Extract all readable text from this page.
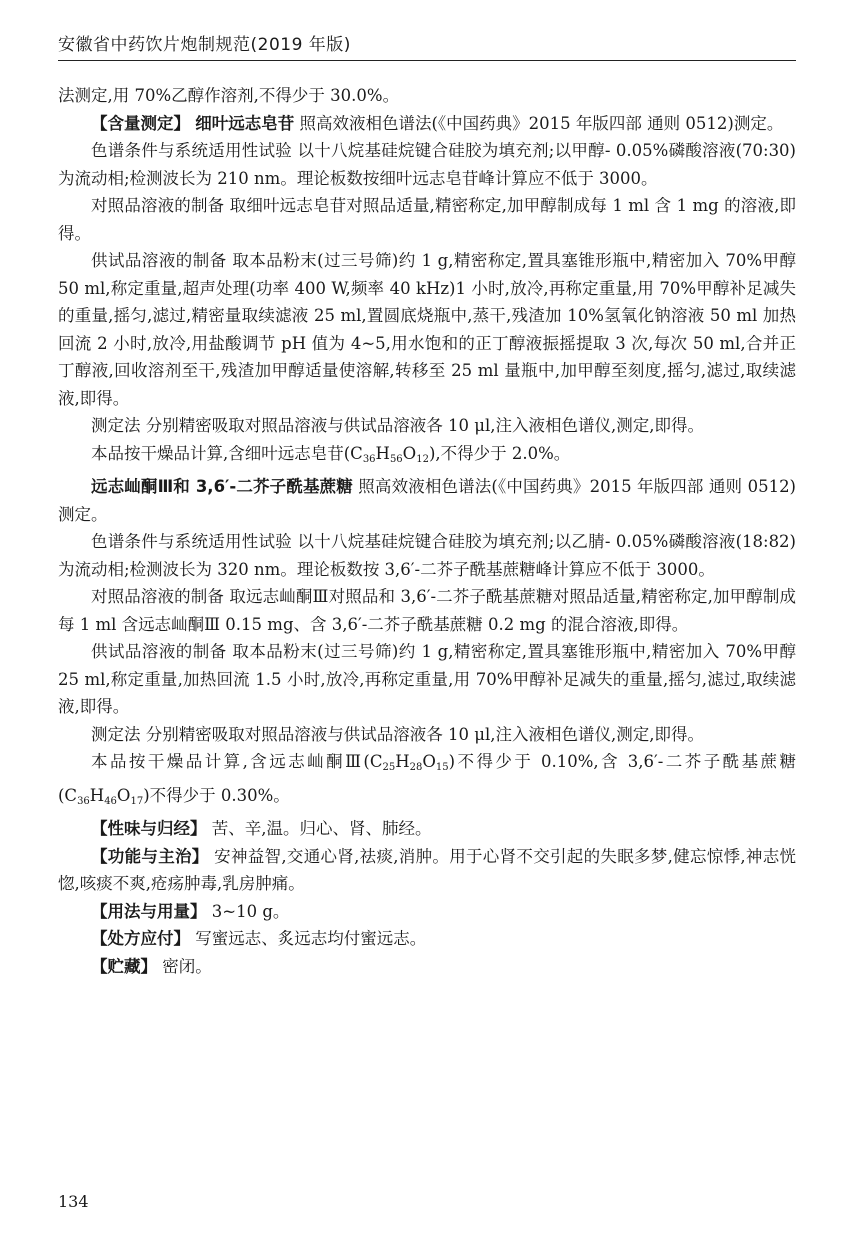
安徽省中药饮片炮制规范(2019 年版)

法测定,用 70%乙醇作溶剂,不得少于 30.0%。

【含量测定】 细叶远志皂苷 照高效液相色谱法(《中国药典》2015 年版四部 通则 0512)测定。

色谱条件与系统适用性试验 以十八烷基硅烷键合硅胶为填充剂;以甲醇- 0.05%磷酸溶液(70:30)为流动相;检测波长为 210 nm。理论板数按细叶远志皂苷峰计算应不低于 3000。

对照品溶液的制备 取细叶远志皂苷对照品适量,精密称定,加甲醇制成每 1 ml 含 1 mg 的溶液,即得。

供试品溶液的制备 取本品粉末(过三号筛)约 1 g,精密称定,置具塞锥形瓶中,精密加入 70%甲醇 50 ml,称定重量,超声处理(功率 400 W,频率 40 kHz)1 小时,放冷,再称定重量,用 70%甲醇补足减失的重量,摇匀,滤过,精密量取续滤液 25 ml,置圆底烧瓶中,蒸干,残渣加 10%氢氧化钠溶液 50 ml 加热回流 2 小时,放冷,用盐酸调节 pH 值为 4~5,用水饱和的正丁醇液振摇提取 3 次,每次 50 ml,合并正丁醇液,回收溶剂至干,残渣加甲醇适量使溶解,转移至 25 ml 量瓶中,加甲醇至刻度,摇匀,滤过,取续滤液,即得。

测定法 分别精密吸取对照品溶液与供试品溶液各 10 μl,注入液相色谱仪,测定,即得。

本品按干燥品计算,含细叶远志皂苷$(C_{36}H_{56}O_{12})$,不得少于 2.0%。

远志屾酮Ⅲ和 3,6′-二芥子酰基蔗糖 照高效液相色谱法(《中国药典》2015 年版四部 通则 0512)测定。

色谱条件与系统适用性试验 以十八烷基硅烷键合硅胶为填充剂;以乙腈- 0.05%磷酸溶液(18:82)为流动相;检测波长为 320 nm。理论板数按 3,6′-二芥子酰基蔗糖峰计算应不低于 3000。

对照品溶液的制备 取远志屾酮Ⅲ对照品和 3,6′-二芥子酰基蔗糖对照品适量,精密称定,加甲醇制成每 1 ml 含远志屾酮Ⅲ 0.15 mg、含 3,6′-二芥子酰基蔗糖 0.2 mg 的混合溶液,即得。

供试品溶液的制备 取本品粉末(过三号筛)约 1 g,精密称定,置具塞锥形瓶中,精密加入 70%甲醇 25 ml,称定重量,加热回流 1.5 小时,放冷,再称定重量,用 70%甲醇补足减失的重量,摇匀,滤过,取续滤液,即得。

测定法 分别精密吸取对照品溶液与供试品溶液各 10 μl,注入液相色谱仪,测定,即得。

本品按干燥品计算,含远志屾酮$Ⅲ(C_{25}H_{28}O_{15})$不得少于 0.10%,含 3,6′-二芥子酰基蔗糖$(C_{36}H_{46}O_{17})$不得少于 0.30%。

【性味与归经】 苦、辛,温。归心、肾、肺经。

【功能与主治】 安神益智,交通心肾,祛痰,消肿。用于心肾不交引起的失眠多梦,健忘惊悸,神志恍惚,咳痰不爽,疮疡肿毒,乳房肿痛。

【用法与用量】 3~10 g。

【处方应付】 写蜜远志、炙远志均付蜜远志。

【贮藏】 密闭。

134
